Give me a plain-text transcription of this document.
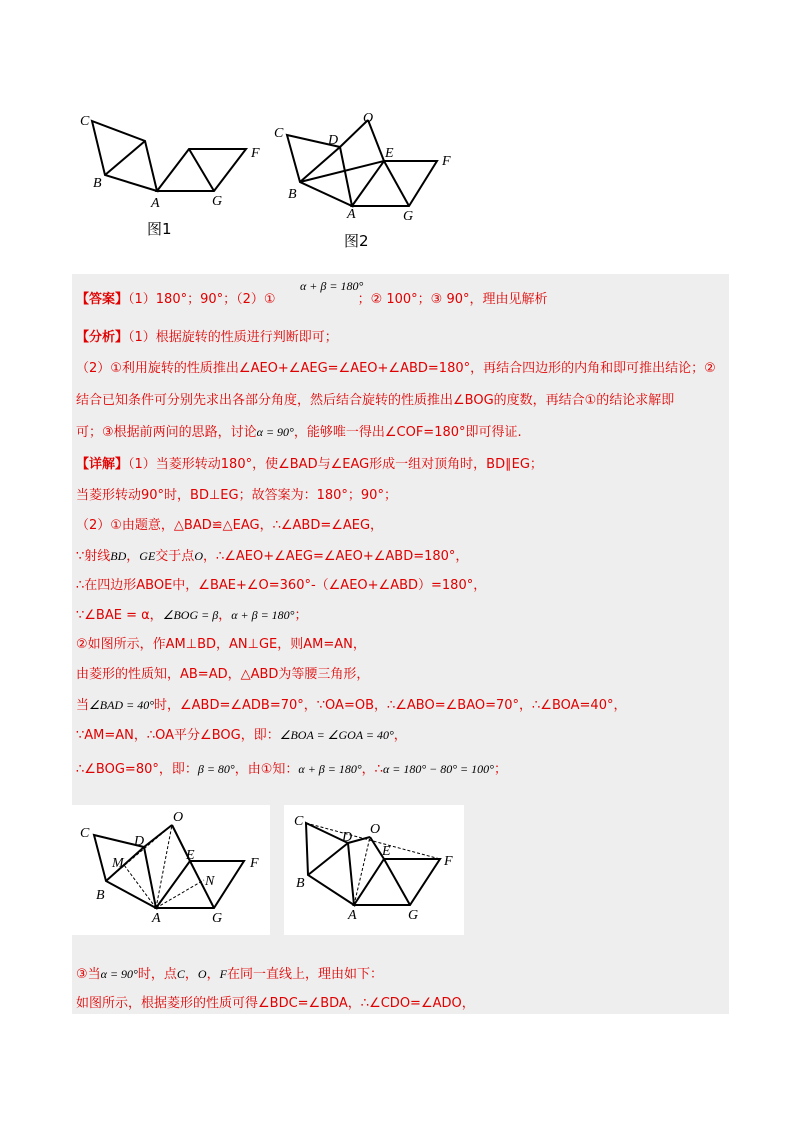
C
B
A	G
F
图1
C
B
A
D
O
E
F
G
图2
α + β = 180°
【答案】（1）180°；90°；（2）①	；② 100°；③ 90°，理由见解析
【分析】（1）根据旋转的性质进行判断即可；
（2）①利用旋转的性质推出∠AEO+∠AEG=∠AEO+∠ABD=180°，再结合四边形的内角和即可推出结论；②
结合已知条件可分别先求出各部分角度，然后结合旋转的性质推出∠BOG的度数，再结合①的结论求解即
可；③根据前两问的思路，讨论α = 90°，能够唯一得出∠COF=180°即可得证.
【详解】（1）当菱形转动180°，使∠BAD与∠EAG形成一组对顶角时，BD∥EG；
当菱形转动90°时，BD⊥EG；故答案为：180°；90°；
（2）①由题意，△BAD≌△EAG，∴∠ABD=∠AEG，
∵射线BD，GE交于点O，∴∠AEO+∠AEG=∠AEO+∠ABD=180°，
∴在四边形ABOE中，∠BAE+∠O=360°-（∠AEO+∠ABD）=180°，
∵∠BAE = α，∠BOG = β，α + β = 180°；
②如图所示，作AM⊥BD，AN⊥GE，则AM=AN，
由菱形的性质知，AB=AD，△ABD为等腰三角形，
当∠BAD = 40°时，∠ABD=∠ADB=70°，∵OA=OB，∴∠ABO=∠BAO=70°，∴∠BOA=40°，
∵AM=AN，∴OA平分∠BOG，即：∠BOA = ∠GOA = 40°，
∴∠BOG=80°，即：β = 80°，由①知：α + β = 180°，∴α = 180° − 80° = 100°；
C
D
O
M
E
F
N
B
A	G
C
D
O
E
F
B
A	G
③当α = 90°时，点C，O，F在同一直线上，理由如下：
如图所示，根据菱形的性质可得∠BDC=∠BDA，∴∠CDO=∠ADO，
